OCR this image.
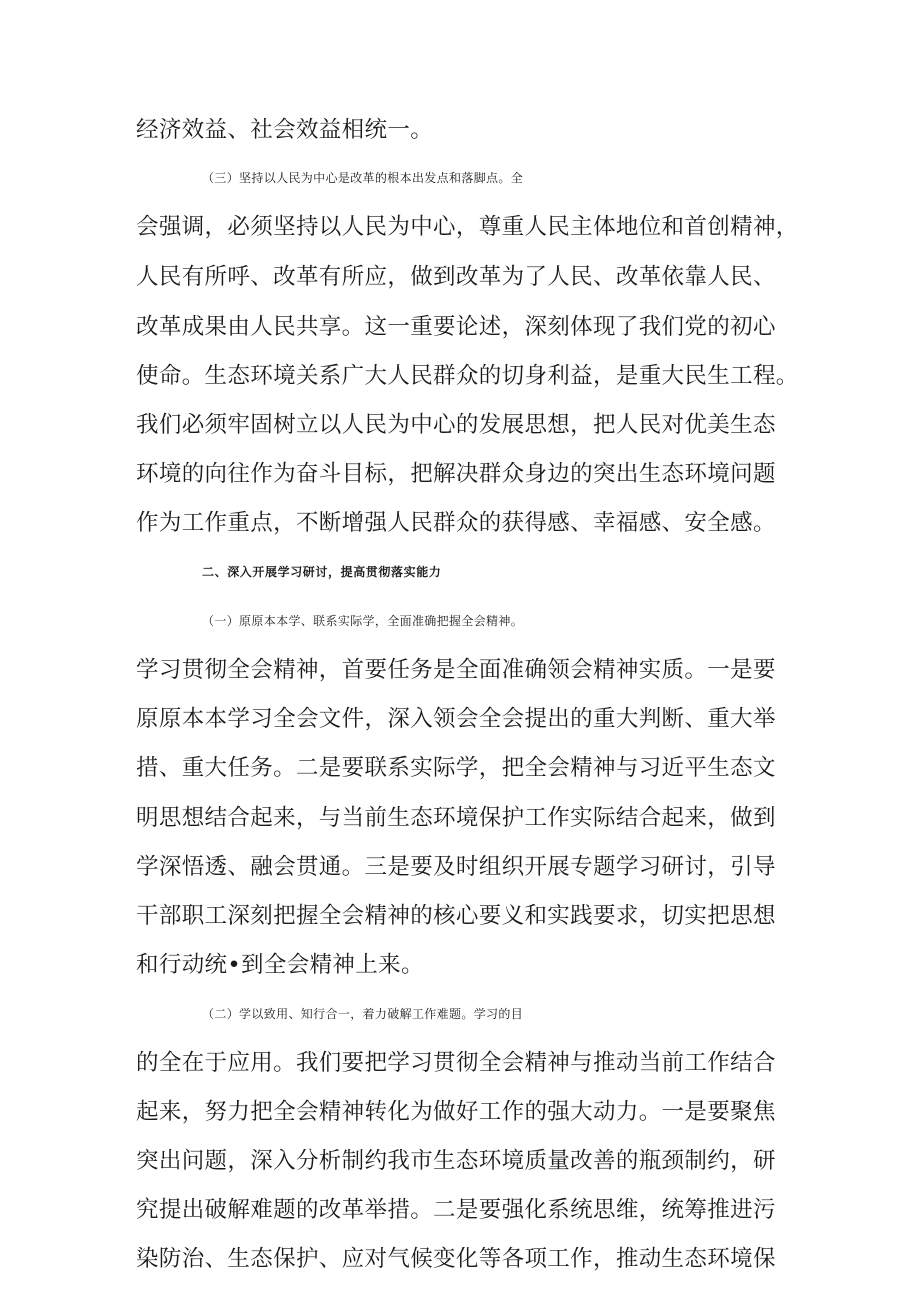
经济效益、社会效益相统一。
（三）坚持以人民为中心是改革的根本出发点和落脚点。全
会强调，必须坚持以人民为中心，尊重人民主体地位和首创精神，
人民有所呼、改革有所应，做到改革为了人民、改革依靠人民、
改革成果由人民共享。这一重要论述，深刻体现了我们党的初心
使命。生态环境关系广大人民群众的切身利益，是重大民生工程。
我们必须牢固树立以人民为中心的发展思想，把人民对优美生态
环境的向往作为奋斗目标，把解决群众身边的突出生态环境问题
作为工作重点，不断增强人民群众的获得感、幸福感、安全感。
二、深入开展学习研讨，提高贯彻落实能力
（一）原原本本学、联系实际学，全面准确把握全会精神。
学习贯彻全会精神，首要任务是全面准确领会精神实质。一是要
原原本本学习全会文件，深入领会全会提出的重大判断、重大举
措、重大任务。二是要联系实际学，把全会精神与习近平生态文
明思想结合起来，与当前生态环境保护工作实际结合起来，做到
学深悟透、融会贯通。三是要及时组织开展专题学习研讨，引导
干部职工深刻把握全会精神的核心要义和实践要求，切实把思想
和行动统•到全会精神上来。
（二）学以致用、知行合一，着力破解工作难题。学习的目
的全在于应用。我们要把学习贯彻全会精神与推动当前工作结合
起来，努力把全会精神转化为做好工作的强大动力。一是要聚焦
突出问题，深入分析制约我市生态环境质量改善的瓶颈制约，研
究提出破解难题的改革举措。二是要强化系统思维，统筹推进污
染防治、生态保护、应对气候变化等各项工作，推动生态环境保
